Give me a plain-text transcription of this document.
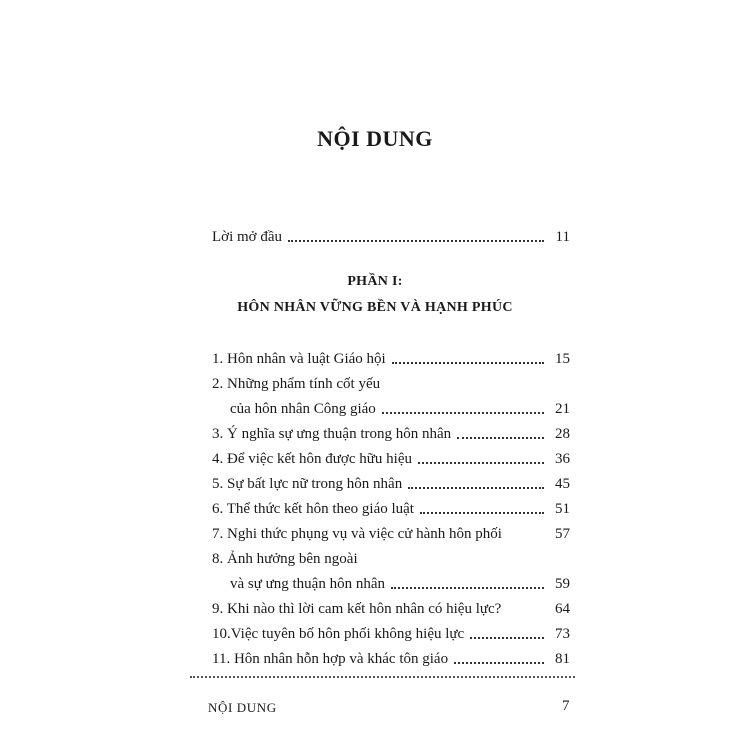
NỘI DUNG
Lời mở đầu	11
PHẦN I:
HÔN NHÂN VỮNG BỀN VÀ HẠNH PHÚC
1. Hôn nhân và luật Giáo hội	15
2. Những phẩm tính cốt yếu
của hôn nhân Công giáo	21
3. Ý nghĩa sự ưng thuận trong hôn nhân	28
4. Để việc kết hôn được hữu hiệu	36
5. Sự bất lực nữ trong hôn nhân	45
6. Thể thức kết hôn theo giáo luật	51
7. Nghi thức phụng vụ và việc cử hành hôn phối	57
8. Ảnh hưởng bên ngoài
và sự ưng thuận hôn nhân	59
9. Khi nào thì lời cam kết hôn nhân có hiệu lực?	64
10.Việc tuyên bố hôn phối không hiệu lực	73
11. Hôn nhân hỗn hợp và khác tôn giáo	81
NỘI DUNG	7
